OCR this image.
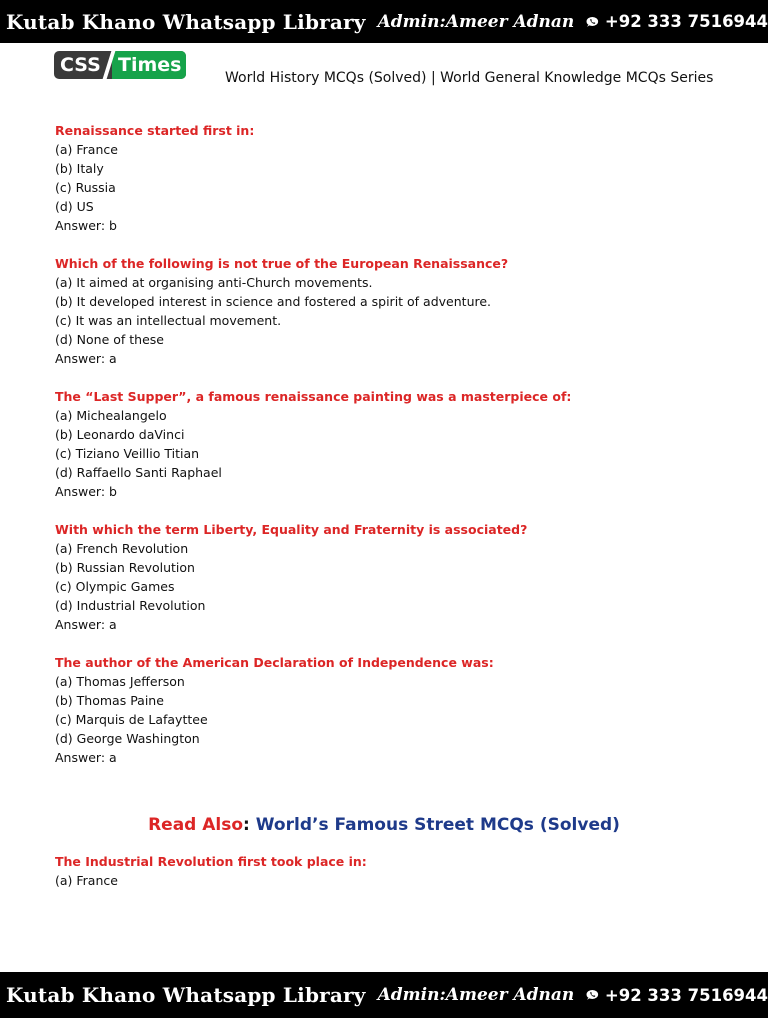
Kutab Khano Whatsapp Library Admin:Ameer Adnan +92 333 7516944
CSS Times
World History MCQs (Solved) | World General Knowledge MCQs Series
Renaissance started first in:
(a) France
(b) Italy
(c) Russia
(d) US
Answer: b
Which of the following is not true of the European Renaissance?
(a) It aimed at organising anti-Church movements.
(b) It developed interest in science and fostered a spirit of adventure.
(c) It was an intellectual movement.
(d) None of these
Answer: a
The “Last Supper”, a famous renaissance painting was a masterpiece of:
(a) Michealangelo
(b) Leonardo daVinci
(c) Tiziano Veillio Titian
(d) Raffaello Santi Raphael
Answer: b
With which the term Liberty, Equality and Fraternity is associated?
(a) French Revolution
(b) Russian Revolution
(c) Olympic Games
(d) Industrial Revolution
Answer: a
The author of the American Declaration of Independence was:
(a) Thomas Jefferson
(b) Thomas Paine
(c) Marquis de Lafayttee
(d) George Washington
Answer: a
Read Also: World’s Famous Street MCQs (Solved)
The Industrial Revolution first took place in:
(a) France
Kutab Khano Whatsapp Library Admin:Ameer Adnan +92 333 7516944
